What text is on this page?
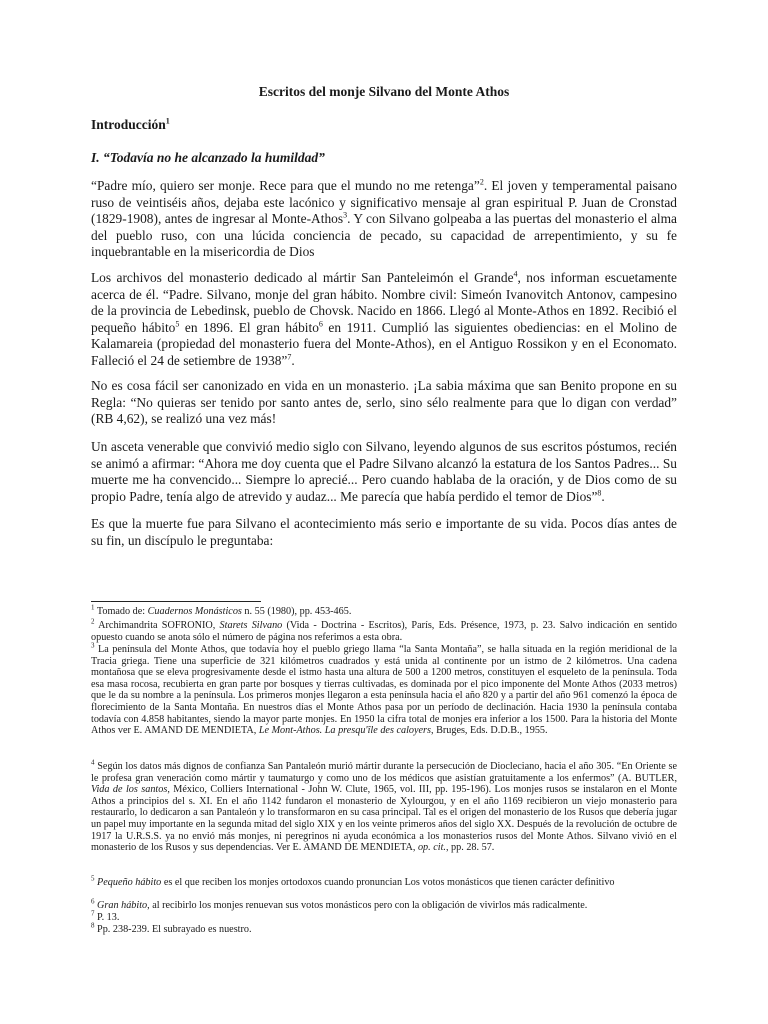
Escritos del monje Silvano del Monte Athos
Introducción$^1$
I. “Todavía no he alcanzado la humildad”

“Padre mío, quiero ser monje. Rece para que el mundo no me retenga”$^2$. El joven y temperamental paisano ruso de veintiséis años, dejaba este lacónico y significativo mensaje al gran espiritual P. Juan de Cronstad (1829-1908), antes de ingresar al Monte-Athos$^3$. Y con Silvano golpeaba a las puertas del monasterio el alma del pueblo ruso, con una lúcida conciencia de pecado, su capacidad de arrepentimiento, y su fe inquebrantable en la misericordia de Dios

Los archivos del monasterio dedicado al mártir San Panteleimón el Grande$^4$, nos informan escuetamente acerca de él. “Padre. Silvano, monje del gran hábito. Nombre civil: Simeón Ivanovitch Antonov, campesino de la provincia de Lebedinsk, pueblo de Chovsk. Nacido en 1866. Llegó al Monte-Athos en 1892. Recibió el pequeño hábito$^5$ en 1896. El gran hábito$^6$ en 1911. Cumplió las siguientes obediencias: en el Molino de Kalamareia (propiedad del monasterio fuera del Monte-Athos), en el Antiguo Rossikon y en el Economato. Falleció el 24 de setiembre de 1938”$^7$.

No es cosa fácil ser canonizado en vida en un monasterio. ¡La sabia máxima que san Benito propone en su Regla: “No quieras ser tenido por santo antes de, serlo, sino sélo realmente para que lo digan con verdad” (RB 4,62), se realizó una vez más!

Un asceta venerable que convivió medio siglo con Silvano, leyendo algunos de sus escritos póstumos, recién se animó a afirmar: “Ahora me doy cuenta que el Padre Silvano alcanzó la estatura de los Santos Padres... Su muerte me ha convencido... Siempre lo aprecié... Pero cuando hablaba de la oración, y de Dios como de su propio Padre, tenía algo de atrevido y audaz... Me parecía que había perdido el temor de Dios”$^8$.

Es que la muerte fue para Silvano el acontecimiento más serio e importante de su vida. Pocos días antes de su fin, un discípulo le preguntaba:

$^1$ Tomado de: Cuadernos Monásticos n. 55 (1980), pp. 453-465.

$^2$ Archimandrita SOFRONIO, Starets Silvano (Vida - Doctrina - Escritos), París, Eds. Présence, 1973, p. 23. Salvo indicación en sentido opuesto cuando se anota sólo el número de página nos referimos a esta obra.

$^3$ La península del Monte Athos, que todavía hoy el pueblo griego llama “la Santa Montaña”, se halla situada en la región meridional de la Tracia griega. Tiene una superficie de 321 kilómetros cuadrados y está unida al continente por un istmo de 2 kilómetros. Una cadena montañosa que se eleva progresivamente desde el istmo hasta una altura de 500 a 1200 metros, constituyen el esqueleto de la península. Toda esa masa rocosa, recubierta en gran parte por bosques y tierras cultivadas, es dominada por el pico imponente del Monte Athos (2033 metros) que le da su nombre a la península. Los primeros monjes llegaron a esta península hacia el año 820 y a partir del año 961 comenzó la época de florecimiento de la Santa Montaña. En nuestros días el Monte Athos pasa por un período de declinación. Hacia 1930 la península contaba todavía con 4.858 habitantes, siendo la mayor parte monjes. En 1950 la cifra total de monjes era inferior a los 1500. Para la historia del Monte Athos ver E. AMAND DE MENDIETA, Le Mont-Athos. La presqu'île des caloyers, Bruges, Eds. D.D.B., 1955.

$^4$ Según los datos más dignos de confianza San Pantaleón murió mártir durante la persecución de Diocleciano, hacia el año 305. “En Oriente se le profesa gran veneración como mártir y taumaturgo y como uno de los médicos que asistían gratuitamente a los enfermos” (A. BUTLER, Vida de los santos, México, Colliers International - John W. Clute, 1965, vol. III, pp. 195-196). Los monjes rusos se instalaron en el Monte Athos a principios del s. XI. En el año 1142 fundaron el monasterio de Xylourgou, y en el año 1169 recibieron un viejo monasterio para restaurarlo, lo dedicaron a san Pantaleón y lo transformaron en su casa principal. Tal es el origen del monasterio de los Rusos que debería jugar un papel muy importante en la segunda mitad del siglo XIX y en los veinte primeros años del siglo XX. Después de la revolución de octubre de 1917 la U.R.S.S. ya no envió más monjes, ni peregrinos ni ayuda económica a los monasterios rusos del Monte Athos. Silvano vivió en el monasterio de los Rusos y sus dependencias. Ver E. AMAND DE MENDIETA, op. cit., pp. 28. 57.

$^5$ Pequeño hábito es el que reciben los monjes ortodoxos cuando pronuncian Los votos monásticos que tienen carácter definitivo

$^6$ Gran hábito, al recibirlo los monjes renuevan sus votos monásticos pero con la obligación de vivirlos más radicalmente.

$^7$ P. 13.

$^8$ Pp. 238-239. El subrayado es nuestro.
